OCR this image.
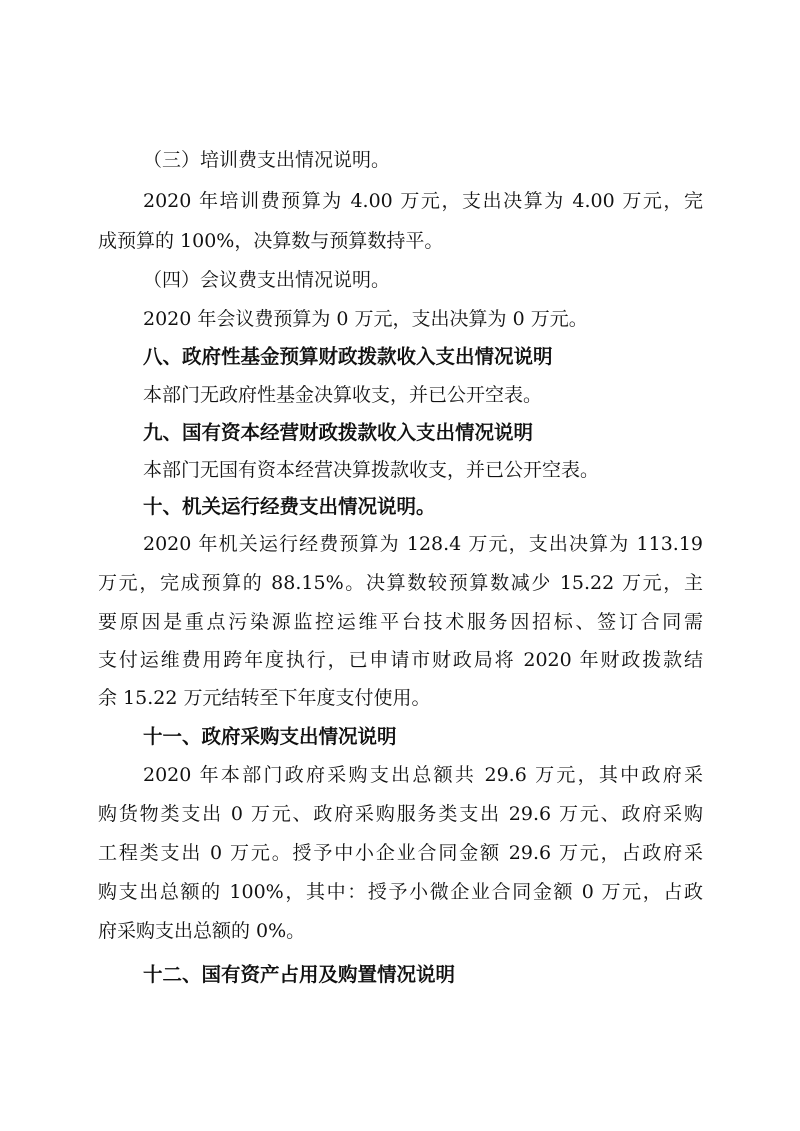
（三）培训费支出情况说明。
2020 年培训费预算为 4.00 万元，支出决算为 4.00 万元，完
成预算的 100%，决算数与预算数持平。
（四）会议费支出情况说明。
2020 年会议费预算为 0 万元，支出决算为 0 万元。
八、政府性基金预算财政拨款收入支出情况说明
本部门无政府性基金决算收支，并已公开空表。
九、国有资本经营财政拨款收入支出情况说明
本部门无国有资本经营决算拨款收支，并已公开空表。
十、机关运行经费支出情况说明。
2020 年机关运行经费预算为 128.4 万元，支出决算为 113.19
万元，完成预算的 88.15%。决算数较预算数减少 15.22 万元，主
要原因是重点污染源监控运维平台技术服务因招标、签订合同需
支付运维费用跨年度执行，已申请市财政局将 2020 年财政拨款结
余 15.22 万元结转至下年度支付使用。
十一、政府采购支出情况说明
2020 年本部门政府采购支出总额共 29.6 万元，其中政府采
购货物类支出 0 万元、政府采购服务类支出 29.6 万元、政府采购
工程类支出 0 万元。授予中小企业合同金额 29.6 万元，占政府采
购支出总额的 100%，其中：授予小微企业合同金额 0 万元，占政
府采购支出总额的 0%。
十二、国有资产占用及购置情况说明
